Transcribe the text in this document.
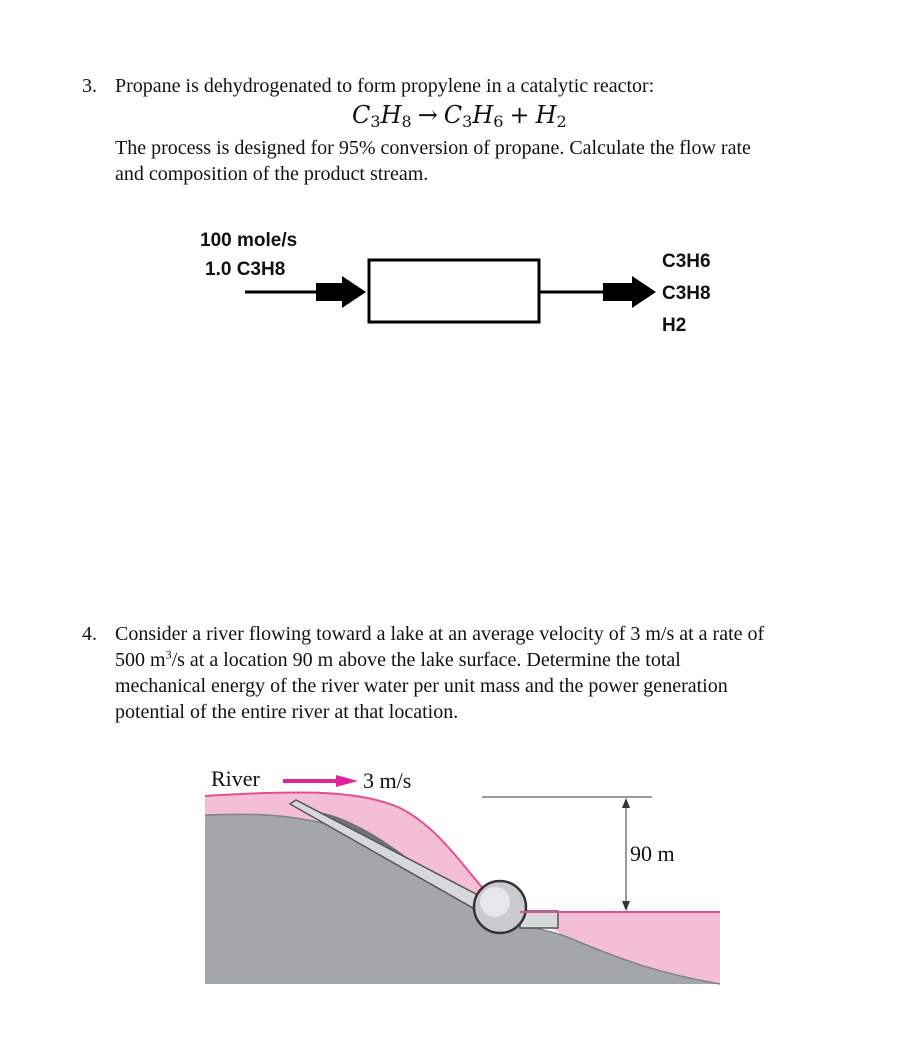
3. Propane is dehydrogenated to form propylene in a catalytic reactor:

$C_3H_8 \to C_3H_6 + H_2$

The process is designed for 95% conversion of propane. Calculate the flow rate

and composition of the product stream.

100 mole/s
1.0 C3H8	C3H6
C3H8
H2
4. Consider a river flowing toward a lake at an average velocity of 3 m/s at a rate of

500 $m^3/s$ at a location 90 m above the lake surface. Determine the total

mechanical energy of the river water per unit mass and the power generation

potential of the entire river at that location.

River	3 m/s
90 m
